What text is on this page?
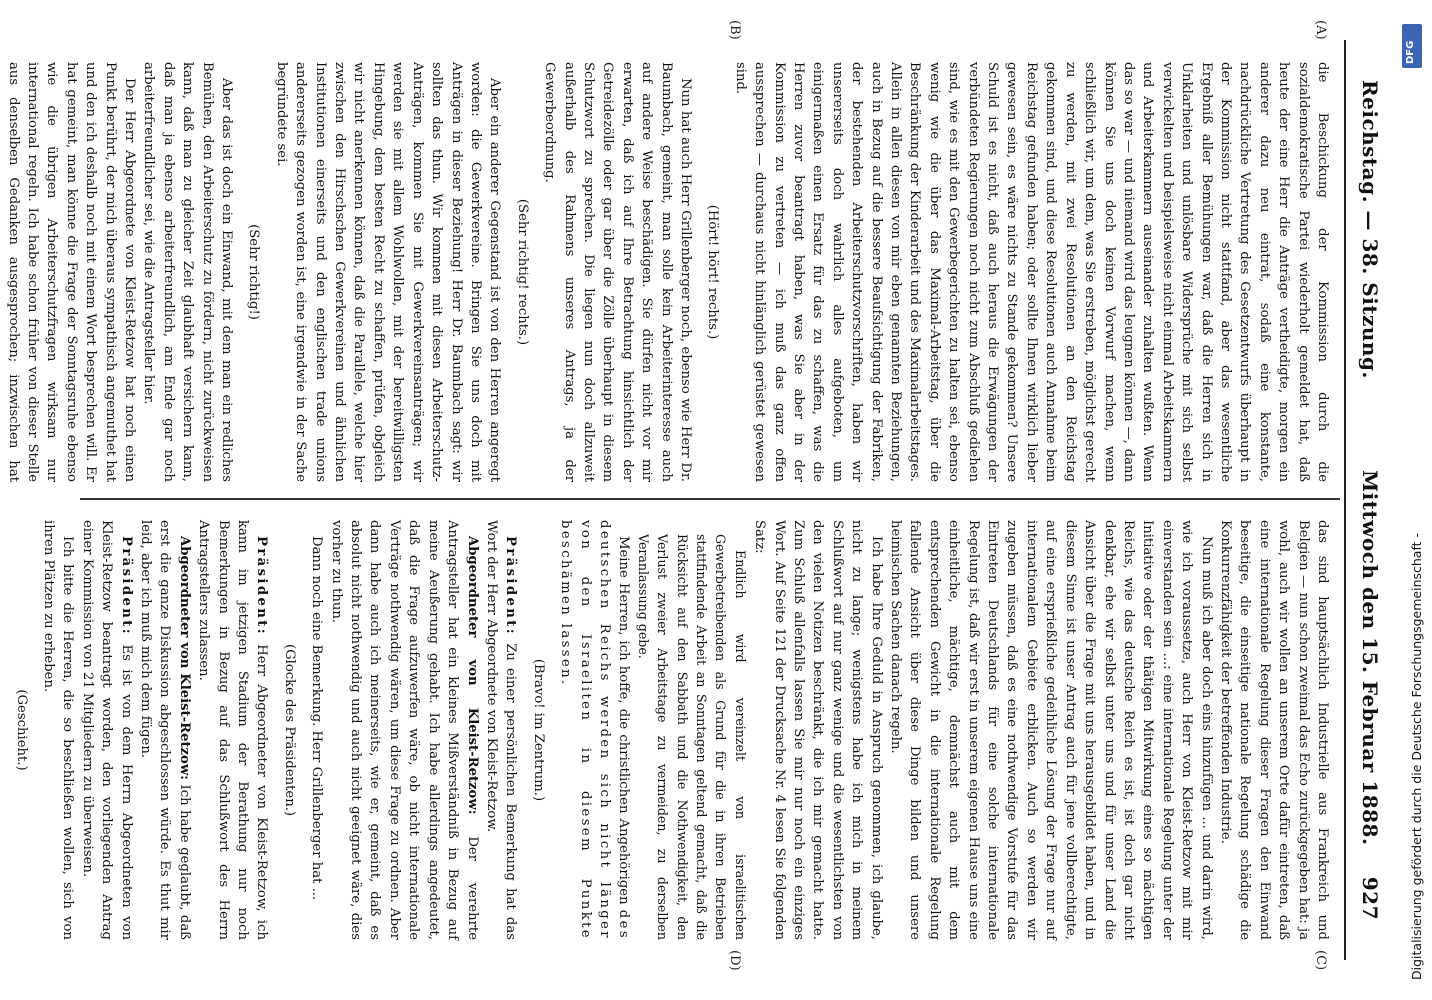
Reichstag. — 38. Sitzung.
Mittwoch den 15. Februar 1888.
927
(A)
(B)
(C)
(D)

die Beschickung der Kommission durch die sozialdemokratische Partei wiederholt gemeldet hat, daß heute der eine Herr die Anträge vertheidigte, morgen ein anderer dazu neu eintrat, sodaß eine konstante, nachdrückliche Vertretung des Gesetzentwurfs überhaupt in der Kommission nicht stattfand, aber das wesentliche Ergebniß aller Bemühungen war, daß die Herren sich in Unklarheiten und unlösbare Widersprüche mit sich selbst verwickelten und beispielsweise nicht einmal Arbeitskammern und Arbeiterkammern auseinander zuhalten wußten. Wenn das so war — und niemand wird das leugnen können —, dann können Sie uns doch keinen Vorwurf machen, wenn schließlich wir, um dem, was Sie erstreben, möglichst gerecht zu werden, mit zwei Resolutionen an den Reichstag gekommen sind, und diese Resolutionen auch Annahme beim Reichstag gefunden haben; oder sollte Ihnen wirklich lieber gewesen sein, es wäre nichts zu Stande gekommen? Unsere Schuld ist es nicht, daß auch heraus die Erwägungen der verbündeten Regierungen noch nicht zum Abschluß gediehen sind, wie es mit den Gewerbegerichten zu halten sei, ebenso wenig wie die über das Maximal-Arbeitstag, über die Beschränkung der Kinderarbeit und des Maximalarbeitstages. Allein in allen diesen von mir eben genannten Beziehungen, auch in Bezug auf die bessere Beaufsichtigung der Fabriken, der bestehenden Arbeiterschutzvorschriften, haben wir unsererseits doch wahrlich alles aufgeboten, um einigermaßen einen Ersatz für das zu schaffen, was die Herren zuvor beantragt haben, was Sie aber in der Kommission zu vertreten — ich muß das ganz offen aussprechen — durchaus nicht hinlänglich gerüstet gewesen sind.

(Hört! hört! rechts.)

Nun hat auch Herr Grillenberger noch, ebenso wie Herr Dr. Baumbach, gemeint, man solle kein Arbeiterinteresse auch auf andere Weise beschädigen. Sie dürfen nicht vor mir erwarten, daß ich auf Ihre Betrachtung hinsichtlich der Getreidezölle oder gar über die Zölle überhaupt in diesem Schutzwort zu sprechen. Die liegen nun doch allzuweit außerhalb des Rahmens unseres Antrags, ja der Gewerbeordnung.

(Sehr richtig! rechts.)

Aber ein anderer Gegenstand ist von den Herren angeregt worden: die Gewerkvereine. Bringen Sie uns doch mit Anträgen in dieser Beziehung! Herr Dr. Baumbach sagt: wir sollten das thun. Wir kommen mit diesen Arbeiterschutz-Anträgen, kommen Sie mit Gewerkvereinsanträgen; wir werden sie mit allem Wohlwollen, mit der bereitwilligsten Hingebung, dem besten Recht zu schaffen, prüfen, obgleich wir nicht anerkennen können, daß die Parallele, welche hier zwischen den Hirschschen Gewerkvereinen und ähnlichen Institutionen einerseits und den englischen trade unions andererseits gezogen worden ist, eine irgendwie in der Sache begründete sei.

(Sehr richtig!)

Aber das ist doch ein Einwand, mit dem man ein redliches Bemühen, den Arbeiterschutz zu fördern, nicht zurückweisen kann, daß man zu gleicher Zeit glaubhaft versichern kann, daß man ja ebenso arbeiterfreundlich, am Ende gar noch arbeiterfreundlicher sei, wie die Antragsteller hier.

Der Herr Abgeordnete von Kleist-Retzow hat noch einen Punkt berührt, der mich überaus sympathisch angemuthet hat und den ich deshalb noch mit einem Wort besprechen will. Er hat gemeint, man könne die Frage der Sonntagsruhe ebenso wie die übrigen Arbeiterschutzfragen wirksam nur international regeln. Ich habe schon früher von dieser Stelle aus denselben Gedanken ausgesprochen; inzwischen hat

das sind hauptsächlich Industrielle aus Frankreich und Belgien — nun schon zweimal das Echo zurückgegeben hat: ja wohl, auch wir wollen an unserem Orte dafür eintreten, daß eine internationale Regelung dieser Fragen den Einwand beseitige, die einseitige nationale Regelung schädige die Konkurrenzfähigkeit der betreffenden Industrie.

Nun muß ich aber doch eins hinzufügen ... und darin wird, wie ich voraussetze, auch Herr von Kleist-Retzow mit mir einverstanden sein ...: eine internationale Regelung unter der Initiative oder der thätigen Mitwirkung eines so mächtigen Reichs, wie das deutsche Reich es ist, ist doch gar nicht denkbar, ehe wir selbst unter uns und für unser Land die Ansicht über die Frage mit uns herausgebildet haben, und in diesem Sinne ist unser Antrag auch für jene vollberechtigte, auf eine ersprießliche gedeihliche Lösung der Frage nur auf internationalem Gebiete erblicken. Auch so werden wir zugeben müssen, daß es eine nothwendige Vorstufe für das Eintreten Deutschlands für eine solche internationale Regelung ist, daß wir erst in unserem eigenen Hause uns eine einheitliche, mächtige, demnächst auch mit dem entsprechenden Gewicht in die internationale Regelung fallende Ansicht über diese Dinge bilden und unsere heimischen Sachen danach regeln.

Ich habe Ihre Geduld in Anspruch genommen, ich glaube, nicht zu lange; wenigstens habe ich mich in meinem Schlußwort auf nur ganz wenige und die wesentlichsten von den vielen Notizen beschränkt, die ich mir gemacht hatte. Zum Schluß allenfalls lassen Sie mir nur noch ein einziges Wort. Auf Seite 121 der Drucksache Nr. 4 lesen Sie folgenden Satz:

Endlich wird vereinzelt von israelitischen Gewerbetreibenden als Grund für die in ihren Betrieben stattfindende Arbeit an Sonntagen geltend gemacht, daß die Rücksicht auf den Sabbath und die Nothwendigkeit, den Verlust zweier Arbeitstage zu vermeiden, zu derselben Veranlassung gebe.

Meine Herren, ich hoffe, die christlichen Angehörigen des deutschen Reichs werden sich nicht länger von den Israeliten in diesem Punkte beschämen lassen.

(Bravo! im Zentrum.)

Präsident: Zu einer persönlichen Bemerkung hat das Wort der Herr Abgeordnete von Kleist-Retzow.

Abgeordneter von Kleist-Retzow: Der verehrte Antragsteller hat ein kleines Mißverständniß in Bezug auf meine Aeußerung gehabt. Ich habe allerdings angedeutet, daß die Frage aufzuwerfen wäre, ob nicht internationale Verträge nothwendig wären, um diese Frage zu ordnen. Aber dann habe auch ich meinerseits, wie er, gemeint, daß es absolut nicht nothwendig und auch nicht geeignet wäre, dies vorher zu thun.

Dann noch eine Bemerkung. Herr Grillenberger hat ...

(Glocke des Präsidenten.)

Präsident: Herr Abgeordneter von Kleist-Retzow, ich kann im jetzigen Stadium der Berathung nur noch Bemerkungen in Bezug auf das Schlußwort des Herrn Antragstellers zulassen.

Abgeordneter von Kleist-Retzow: Ich habe geglaubt, daß erst die ganze Diskussion abgeschlossen würde. Es thut mir leid, aber ich muß mich dem fügen.

Präsident: Es ist von dem Herrn Abgeordneten von Kleist-Retzow beantragt worden, den vorliegenden Antrag einer Kommission von 21 Mitgliedern zu überweisen.

Ich bitte die Herren, die so beschließen wollen, sich von ihren Plätzen zu erheben.

(Geschieht.)

DFG
Digitalisierung gefördert durch die Deutsche Forschungsgemeinschaft -
